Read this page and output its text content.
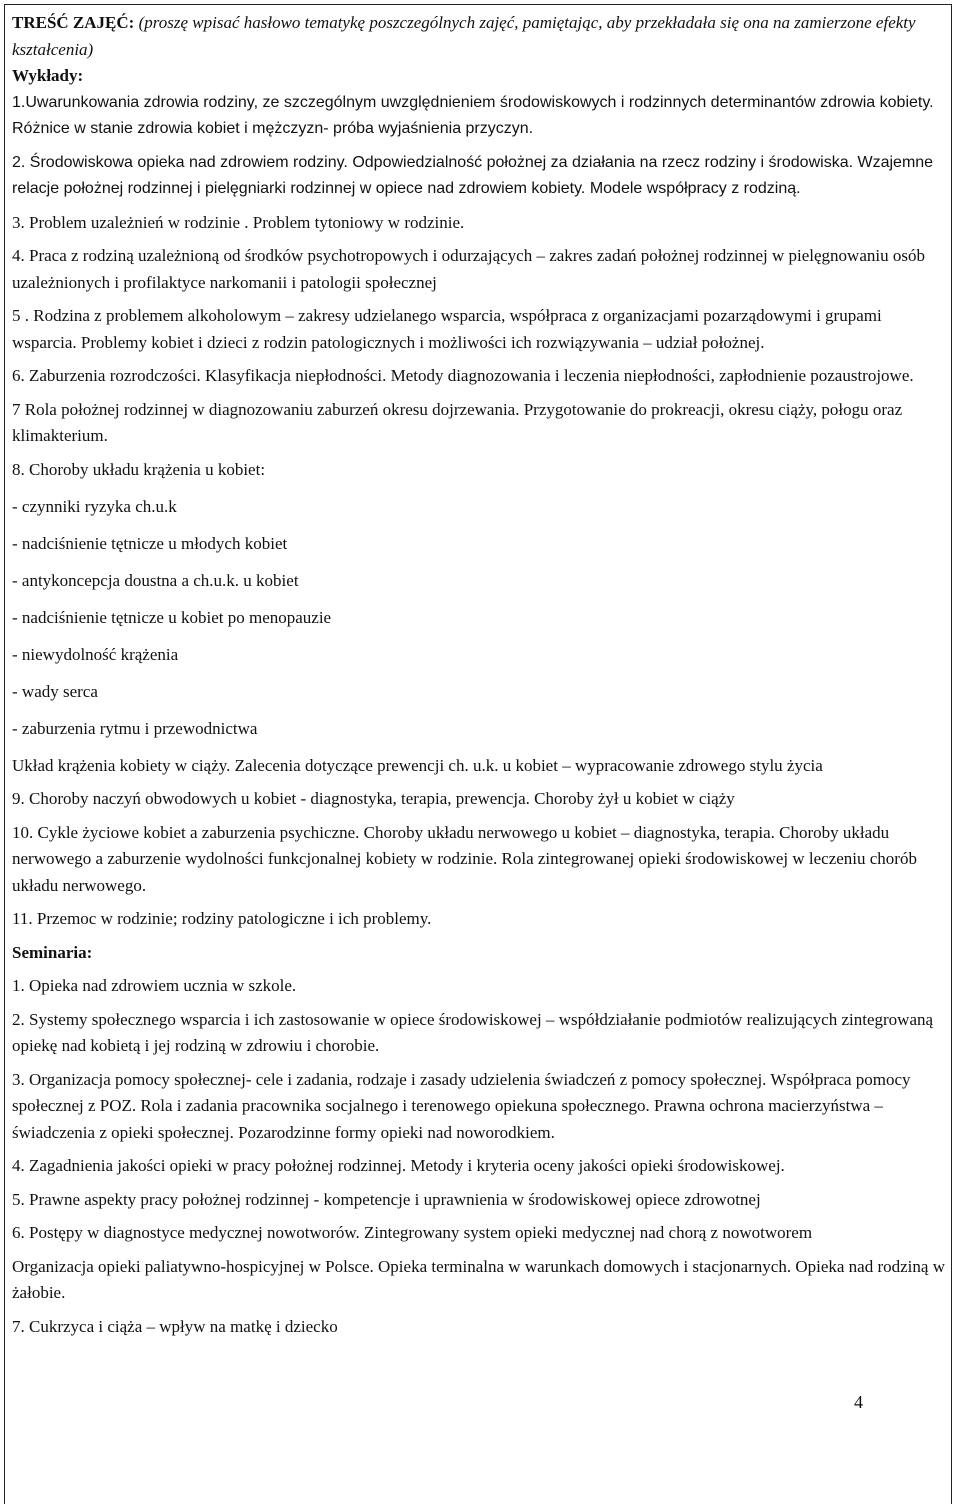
TREŚĆ ZAJĘĆ: (proszę wpisać hasłowo tematykę poszczególnych zajęć, pamiętając, aby przekładała się ona na zamierzone efekty kształcenia)

Wykłady:

1.Uwarunkowania zdrowia rodziny, ze szczególnym uwzględnieniem środowiskowych i rodzinnych determinantów zdrowia kobiety. Różnice w stanie zdrowia kobiet i mężczyzn- próba wyjaśnienia przyczyn.

2. Środowiskowa opieka nad zdrowiem rodziny. Odpowiedzialność położnej za działania na rzecz rodziny i środowiska. Wzajemne relacje położnej rodzinnej i pielęgniarki rodzinnej w opiece nad zdrowiem kobiety. Modele współpracy z rodziną.

3. Problem uzależnień w rodzinie . Problem tytoniowy w rodzinie.

4. Praca z rodziną uzależnioną od środków psychotropowych i odurzających – zakres zadań położnej rodzinnej w pielęgnowaniu osób uzależnionych i profilaktyce narkomanii i patologii społecznej

5 . Rodzina z problemem alkoholowym – zakresy udzielanego wsparcia, współpraca z organizacjami pozarządowymi i grupami wsparcia. Problemy kobiet i dzieci z rodzin patologicznych i możliwości ich rozwiązywania – udział położnej.

6. Zaburzenia rozrodczości. Klasyfikacja niepłodności. Metody diagnozowania i leczenia niepłodności, zapłodnienie pozaustrojowe.

7 Rola położnej rodzinnej w diagnozowaniu zaburzeń okresu dojrzewania. Przygotowanie do prokreacji, okresu ciąży, połogu oraz klimakterium.

8. Choroby układu krążenia u kobiet:

- czynniki ryzyka ch.u.k

- nadciśnienie tętnicze u młodych kobiet

- antykoncepcja doustna a ch.u.k. u kobiet

- nadciśnienie tętnicze u kobiet po menopauzie

- niewydolność krążenia

- wady serca

- zaburzenia rytmu i przewodnictwa

Układ krążenia kobiety w ciąży. Zalecenia dotyczące prewencji ch. u.k. u kobiet – wypracowanie zdrowego stylu życia

9. Choroby naczyń obwodowych u kobiet - diagnostyka, terapia, prewencja. Choroby żył u kobiet w ciąży

10. Cykle życiowe kobiet a zaburzenia psychiczne. Choroby układu nerwowego u kobiet – diagnostyka, terapia. Choroby układu nerwowego a zaburzenie wydolności funkcjonalnej kobiety w rodzinie. Rola zintegrowanej opieki środowiskowej w leczeniu chorób układu nerwowego.

11. Przemoc w rodzinie; rodziny patologiczne i ich problemy.

Seminaria:

1. Opieka nad zdrowiem ucznia w szkole.

2. Systemy społecznego wsparcia i ich zastosowanie w opiece środowiskowej – współdziałanie podmiotów realizujących zintegrowaną opiekę nad kobietą i jej rodziną w zdrowiu i chorobie.

3. Organizacja pomocy społecznej- cele i zadania, rodzaje i zasady udzielenia świadczeń z pomocy społecznej. Współpraca pomocy społecznej z POZ. Rola i zadania pracownika socjalnego i terenowego opiekuna społecznego. Prawna ochrona macierzyństwa – świadczenia z opieki społecznej. Pozarodzinne formy opieki nad noworodkiem.

4. Zagadnienia jakości opieki w pracy położnej rodzinnej. Metody i kryteria oceny jakości opieki środowiskowej.

5. Prawne aspekty pracy położnej rodzinnej - kompetencje i uprawnienia w środowiskowej opiece zdrowotnej

6. Postępy w diagnostyce medycznej nowotworów. Zintegrowany system opieki medycznej nad chorą z nowotworem

Organizacja opieki paliatywno-hospicyjnej w Polsce. Opieka terminalna w warunkach domowych i stacjonarnych. Opieka nad rodziną w żałobie.

7. Cukrzyca i ciąża – wpływ na matkę i dziecko

4
